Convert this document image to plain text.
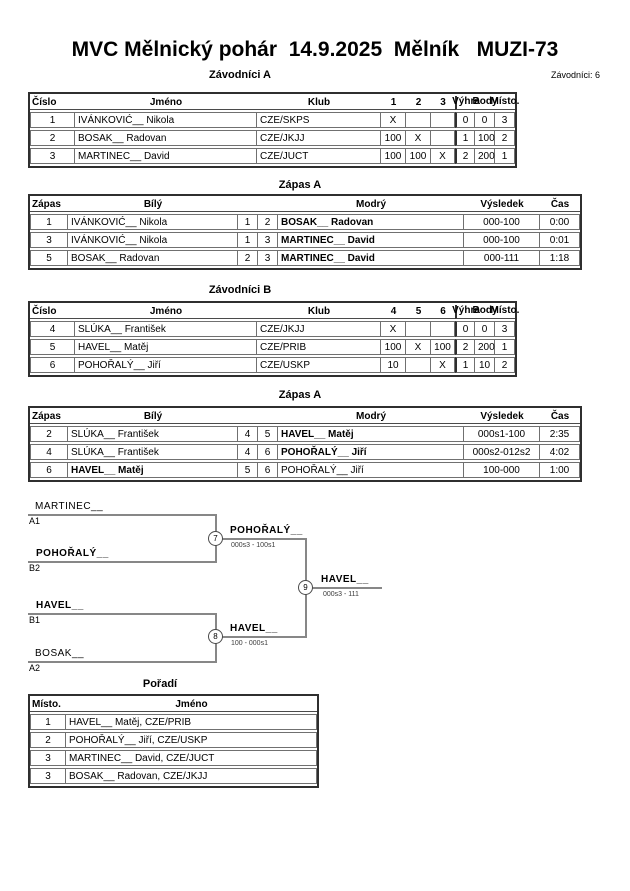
MVC Mělnický pohár  14.9.2025  Mělník   MUZI-73
Závodníci A	Závodníci: 6
Číslo	Jméno	Klub	1	2	3	Výhra	Body	Místo.

1	IVÁNKOVIĆ__ Nikola	CZE/SKPS	X			0	0	3
2	BOSAK__ Radovan	CZE/JKJJ	100	X		1	100	2
3	MARTINEC__ David	CZE/JUCT	100	100	X	2	200	1
Zápas A
Zápas	Bílý			Modrý	Výsledek	Čas
1	IVÁNKOVIĆ__ Nikola	1	2	BOSAK__ Radovan	000-100	0:00
3	IVÁNKOVIĆ__ Nikola	1	3	MARTINEC__ David	000-100	0:01
5	BOSAK__ Radovan	2	3	MARTINEC__ David	000-111	1:18
Závodníci B
Číslo	Jméno	Klub	4	5	6	Výhra	Body	Místo.

4	SLÚKA__ František	CZE/JKJJ	X			0	0	3
5	HAVEL__ Matěj	CZE/PRIB	100	X	100	2	200	1
6	POHOŘALÝ__ Jiří	CZE/USKP	10		X	1	10	2
Zápas A
Zápas	Bílý			Modrý	Výsledek	Čas
2	SLÚKA__ František	4	5	HAVEL__ Matěj	000s1-100	2:35
4	SLÚKA__ František	4	6	POHOŘALÝ__ Jiří	000s2-012s2	4:02
6	HAVEL__ Matěj	5	6	POHOŘALÝ__ Jiří	100-000	1:00
MARTINEC__
A1
POHOŘALÝ__
B2
HAVEL__
B1
BOSAK__
A2
7
8
9
POHOŘALÝ__
000s3 - 100s1
HAVEL__
100 - 000s1
HAVEL__
000s3 - 111
Pořadí
Místo.	Jméno
1	HAVEL__ Matěj, CZE/PRIB
2	POHOŘALÝ__ Jiří, CZE/USKP
3	MARTINEC__ David, CZE/JUCT
3	BOSAK__ Radovan, CZE/JKJJ
